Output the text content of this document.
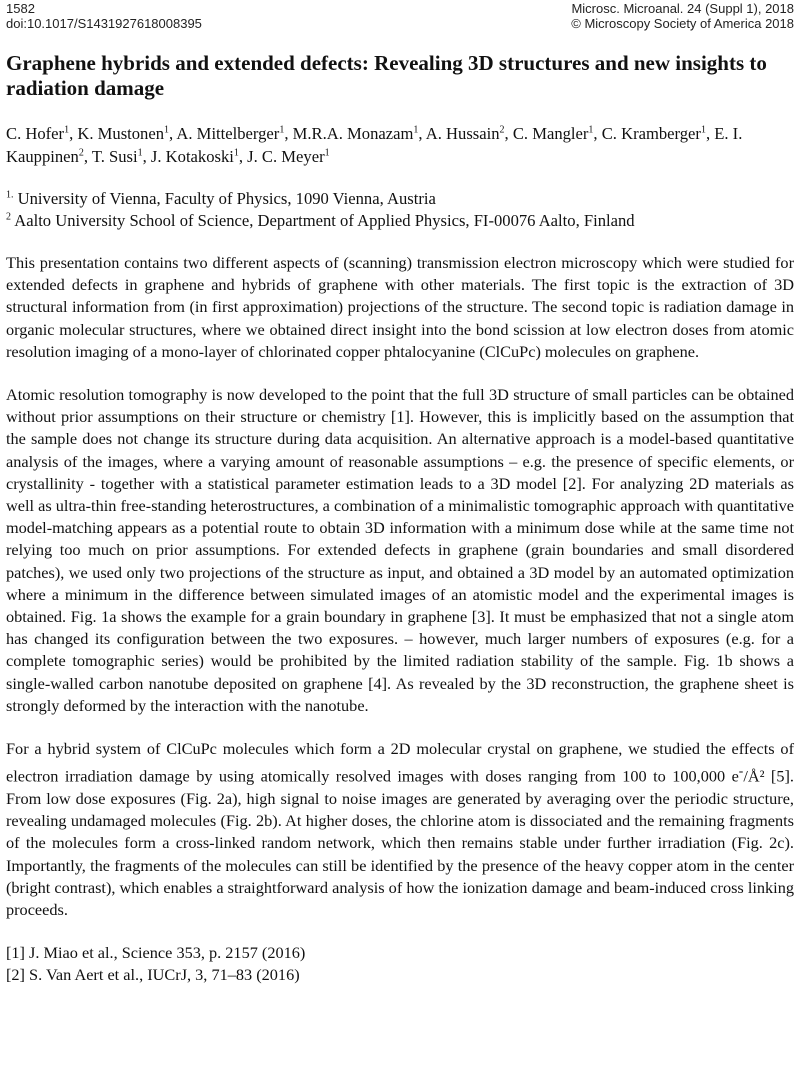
1582	Microsc. Microanal. 24 (Suppl 1), 2018
doi:10.1017/S1431927618008395	© Microscopy Society of America 2018
Graphene hybrids and extended defects: Revealing 3D structures and new insights to radiation damage
C. Hofer$^1$, K. Mustonen$^1$, A. Mittelberger$^1$, M.R.A. Monazam$^1$, A. Hussain$^2$, C. Mangler$^1$, C. Kramberger$^1$, E. I. Kauppinen$^2$, T. Susi$^1$, J. Kotakoski$^1$, J. C. Meyer$^1$
$^{1.}$ University of Vienna, Faculty of Physics, 1090 Vienna, Austria
$^2$ Aalto University School of Science, Department of Applied Physics, FI-00076 Aalto, Finland

This presentation contains two different aspects of (scanning) transmission electron microscopy which were studied for extended defects in graphene and hybrids of graphene with other materials. The first topic is the extraction of 3D structural information from (in first approximation) projections of the structure. The second topic is radiation damage in organic molecular structures, where we obtained direct insight into the bond scission at low electron doses from atomic resolution imaging of a mono-layer of chlorinated copper phtalocyanine (ClCuPc) molecules on graphene.

Atomic resolution tomography is now developed to the point that the full 3D structure of small particles can be obtained without prior assumptions on their structure or chemistry [1]. However, this is implicitly based on the assumption that the sample does not change its structure during data acquisition. An alternative approach is a model-based quantitative analysis of the images, where a varying amount of reasonable assumptions – e.g. the presence of specific elements, or crystallinity - together with a statistical parameter estimation leads to a 3D model [2]. For analyzing 2D materials as well as ultra-thin free-standing heterostructures, a combination of a minimalistic tomographic approach with quantitative model-matching appears as a potential route to obtain 3D information with a minimum dose while at the same time not relying too much on prior assumptions. For extended defects in graphene (grain boundaries and small disordered patches), we used only two projections of the structure as input, and obtained a 3D model by an automated optimization where a minimum in the difference between simulated images of an atomistic model and the experimental images is obtained. Fig. 1a shows the example for a grain boundary in graphene [3]. It must be emphasized that not a single atom has changed its configuration between the two exposures. – however, much larger numbers of exposures (e.g. for a complete tomographic series) would be prohibited by the limited radiation stability of the sample. Fig. 1b shows a single-walled carbon nanotube deposited on graphene [4]. As revealed by the 3D reconstruction, the graphene sheet is strongly deformed by the interaction with the nanotube.

For a hybrid system of ClCuPc molecules which form a 2D molecular crystal on graphene, we studied the effects of electron irradiation damage by using atomically resolved images with doses ranging from 100 to 100,000 e-/Å² [5]. From low dose exposures (Fig. 2a), high signal to noise images are generated by averaging over the periodic structure, revealing undamaged molecules (Fig. 2b). At higher doses, the chlorine atom is dissociated and the remaining fragments of the molecules form a cross-linked random network, which then remains stable under further irradiation (Fig. 2c). Importantly, the fragments of the molecules can still be identified by the presence of the heavy copper atom in the center (bright contrast), which enables a straightforward analysis of how the ionization damage and beam-induced cross linking proceeds.

[1] J. Miao et al., Science 353, p. 2157 (2016)
[2] S. Van Aert et al., IUCrJ, 3, 71–83 (2016)
